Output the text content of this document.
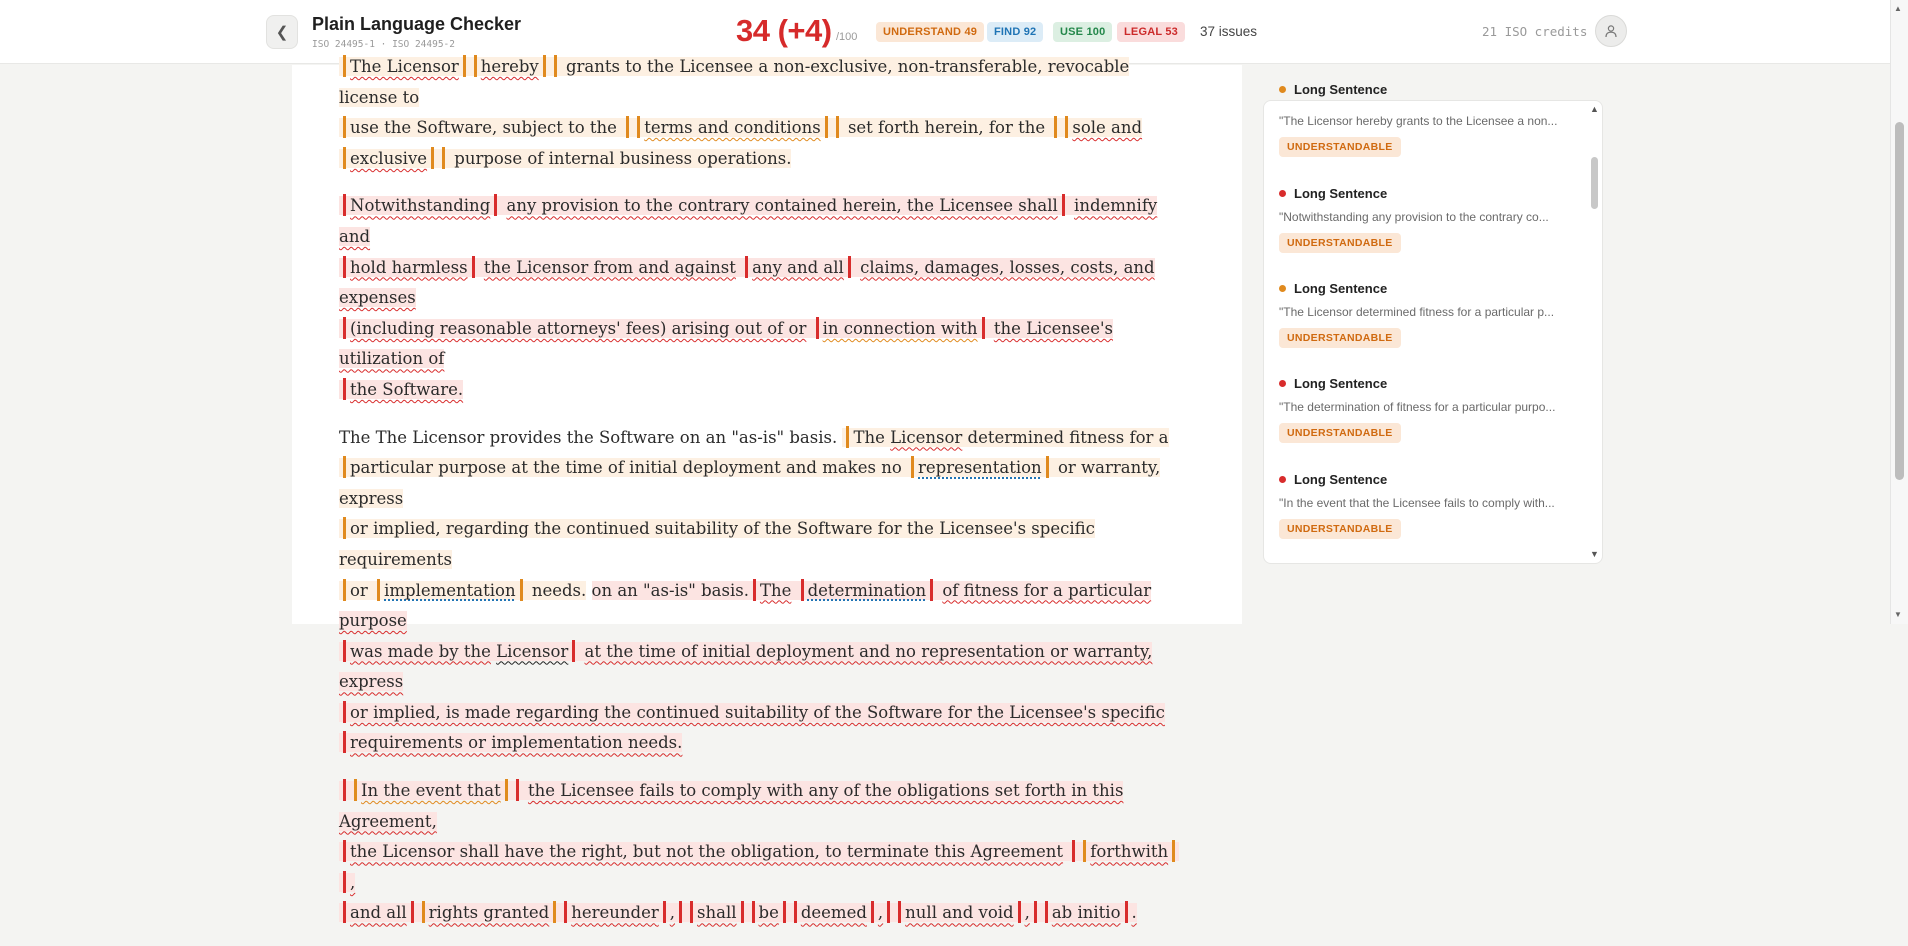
❮ Plain Language Checker
ISO 24495-1 · ISO 24495-2	34 (+4) /100	UNDERSTAND 49	FIND 92	USE 100	LEGAL 53	37 issues	21 ISO credits
The Licensor hereby grants to the Licensee a non-exclusive, non-transferable, revocable license to
use the Software, subject to the terms and conditions set forth herein, for the sole and
exclusive purpose of internal business operations.
Notwithstanding any provision to the contrary contained herein, the Licensee shall indemnify and
hold harmless the Licensor from and against any and all claims, damages, losses, costs, and expenses
(including reasonable attorneys' fees) arising out of or in connection with the Licensee's utilization of
the Software.
The The Licensor provides the Software on an "as-is" basis. The Licensor determined fitness for a
particular purpose at the time of initial deployment and makes no representation or warranty, express
or implied, regarding the continued suitability of the Software for the Licensee's specific requirements
or implementation needs. on an "as-is" basis. The determination of fitness for a particular purpose
was made by the Licensor at the time of initial deployment and no representation or warranty, express
or implied, is made regarding the continued suitability of the Software for the Licensee's specific
requirements or implementation needs.
In the event that the Licensee fails to comply with any of the obligations set forth in this Agreement,
the Licensor shall have the right, but not the obligation, to terminate this Agreement forthwith,
and all rights granted hereunder , shall be deemed , null and void , ab initio .
▲
▼
Long Sentence
"The Licensor hereby grants to the Licensee a non...
UNDERSTANDABLE
Long Sentence
"Notwithstanding any provision to the contrary co...
UNDERSTANDABLE
Long Sentence
"The Licensor determined fitness for a particular p...
UNDERSTANDABLE
Long Sentence
"The determination of fitness for a particular purpo...
UNDERSTANDABLE
Long Sentence
"In the event that the Licensee fails to comply with...
UNDERSTANDABLE
▲
▼
